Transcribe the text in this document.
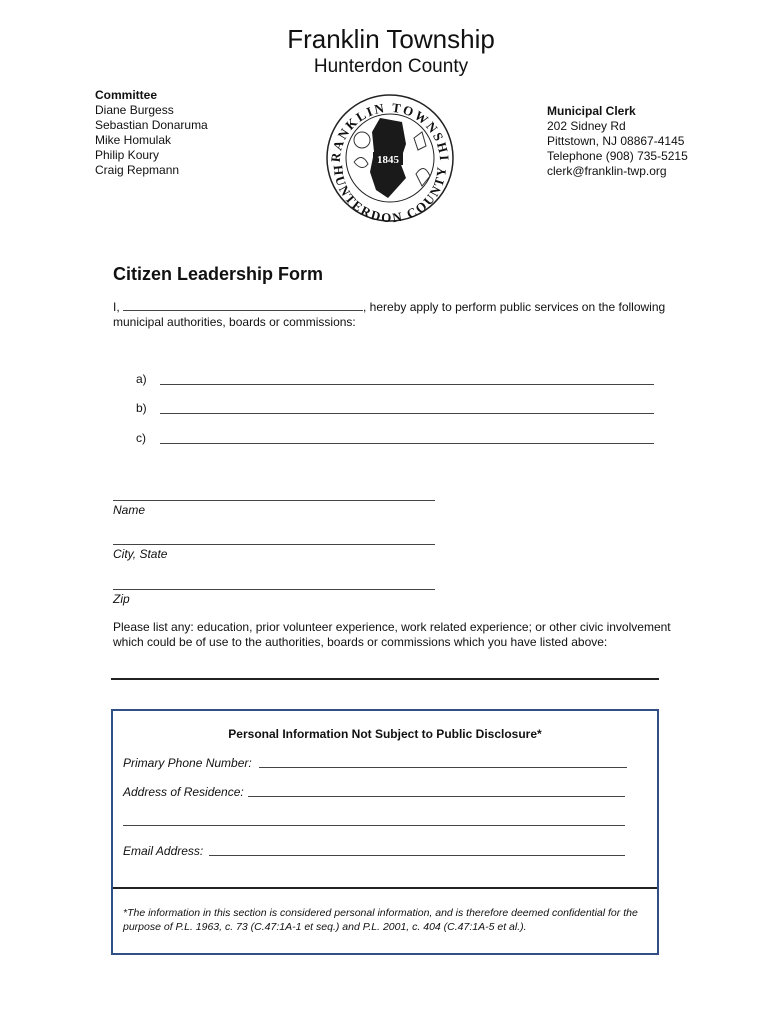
Franklin Township
Hunterdon County
Committee
Diane Burgess
Sebastian Donaruma
Mike Homulak
Philip Koury
Craig Repmann
RANKLIN TOWNSHI
HUNTERDON COUNTY
1845
Municipal Clerk
202 Sidney Rd
Pittstown, NJ 08867-4145
Telephone (908) 735-5215
clerk@franklin-twp.org
Citizen Leadership Form
I,	, hereby apply to perform public services on the following
municipal authorities, boards or commissions:
a)
b)
c)
Name
City, State
Zip
Please list any: education, prior volunteer experience, work related experience; or other civic involvement
which could be of use to the authorities, boards or commissions which you have listed above:
Personal Information Not Subject to Public Disclosure*
Primary Phone Number:
Address of Residence:
Email Address:
*The information in this section is considered personal information, and is therefore deemed confidential for the purpose of P.L. 1963, c. 73 (C.47:1A-1 et seq.) and P.L. 2001, c. 404 (C.47:1A-5 et al.).
